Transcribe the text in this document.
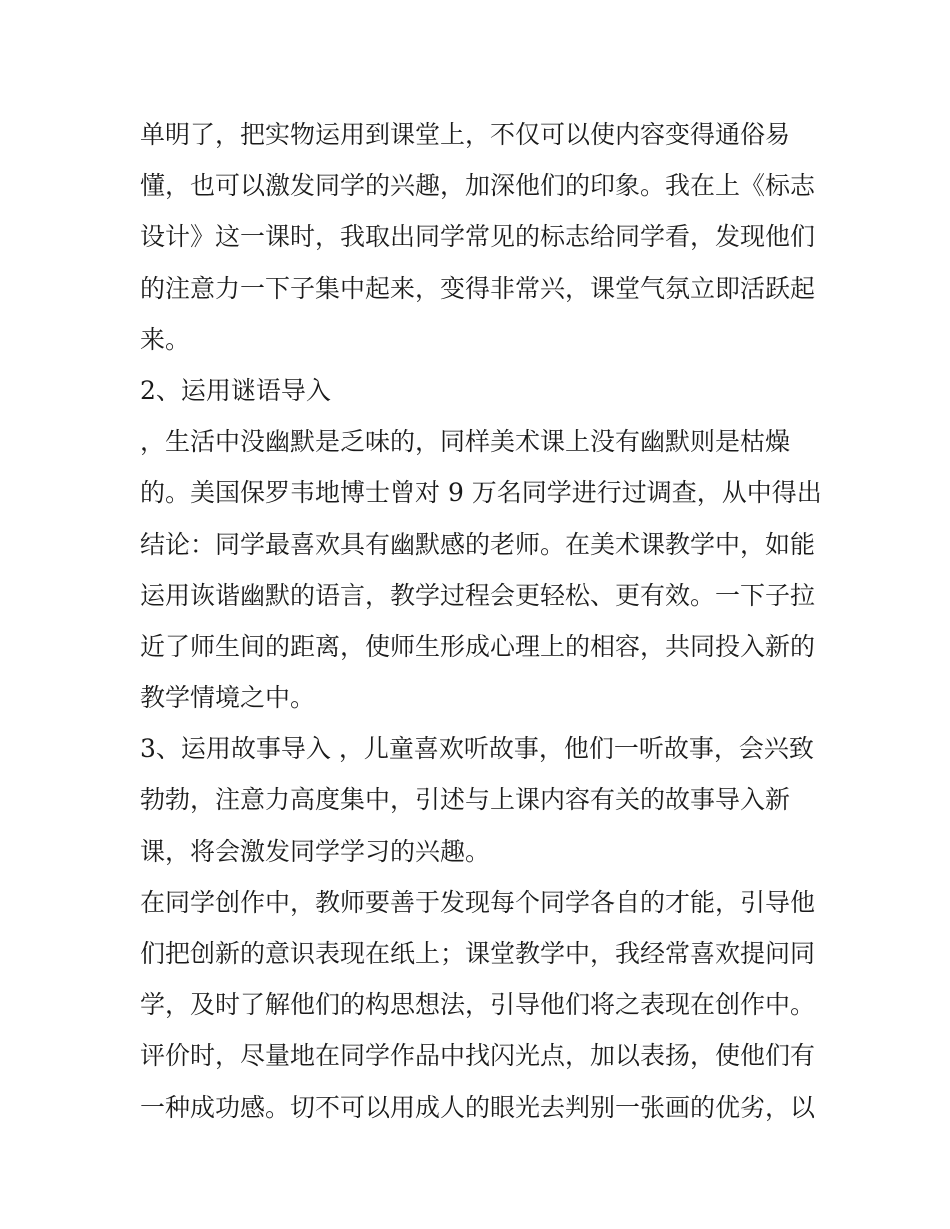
单明了，把实物运用到课堂上，不仅可以使内容变得通俗易
懂，也可以激发同学的兴趣，加深他们的印象。我在上《标志
设计》这一课时，我取出同学常见的标志给同学看，发现他们
的注意力一下子集中起来，变得非常兴，课堂气氛立即活跃起
来。
2、运用谜语导入
，生活中没幽默是乏味的，同样美术课上没有幽默则是枯燥
的。美国保罗韦地博士曾对 9 万名同学进行过调查，从中得出
结论：同学最喜欢具有幽默感的老师。在美术课教学中，如能
运用诙谐幽默的语言，教学过程会更轻松、更有效。一下子拉
近了师生间的距离，使师生形成心理上的相容，共同投入新的
教学情境之中。
3、运用故事导入 ，儿童喜欢听故事，他们一听故事，会兴致
勃勃，注意力高度集中，引述与上课内容有关的故事导入新
课，将会激发同学学习的兴趣。
在同学创作中，教师要善于发现每个同学各自的才能，引导他
们把创新的意识表现在纸上；课堂教学中，我经常喜欢提问同
学，及时了解他们的构思想法，引导他们将之表现在创作中。
评价时，尽量地在同学作品中找闪光点，加以表扬，使他们有
一种成功感。切不可以用成人的眼光去判别一张画的优劣，以
